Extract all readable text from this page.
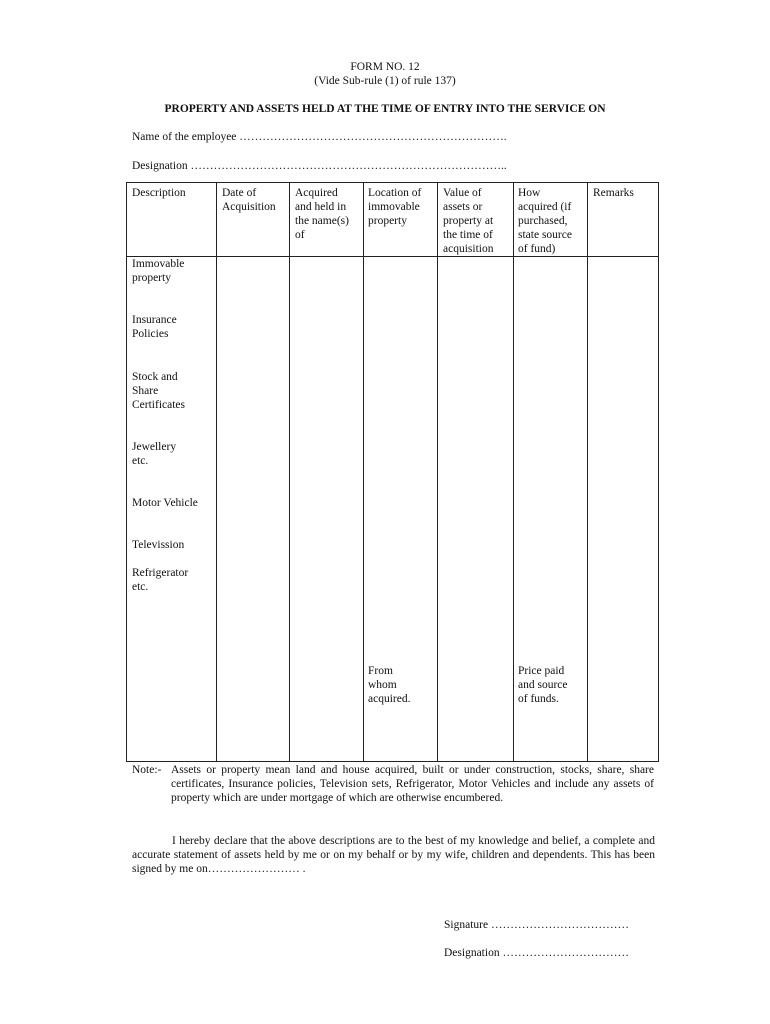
FORM NO. 12
(Vide Sub-rule (1) of rule 137)
PROPERTY AND ASSETS HELD AT THE TIME OF ENTRY INTO THE SERVICE ON
Name of the employee …………………………………………………………….
Designation ………………………………………………………………………..
Description	Date of
Acquisition
Acquired
and held in
the name(s)
of
Location of
immovable
property
Value of
assets or
property at
the time of
acquisition
How
acquired (if
purchased,
state source
of fund)
Remarks
Immovable
property
Insurance
Policies
Stock and
Share
Certificates
Jewellery
etc.
Motor Vehicle
Televission
Refrigerator
etc.
From
whom
acquired.
Price paid
and source
of funds.
Note:- Assets or property mean land and house acquired, built or under construction, stocks, share, share certificates, Insurance policies, Television sets, Refrigerator, Motor Vehicles and include any assets of property which are under mortgage of which are otherwise encumbered.
I hereby declare that the above descriptions are to the best of my knowledge and belief, a complete and accurate statement of assets held by me or on my behalf or by my wife, children and dependents. This has been signed by me on…………………… .
Signature ………………………………
Designation ……………………………
